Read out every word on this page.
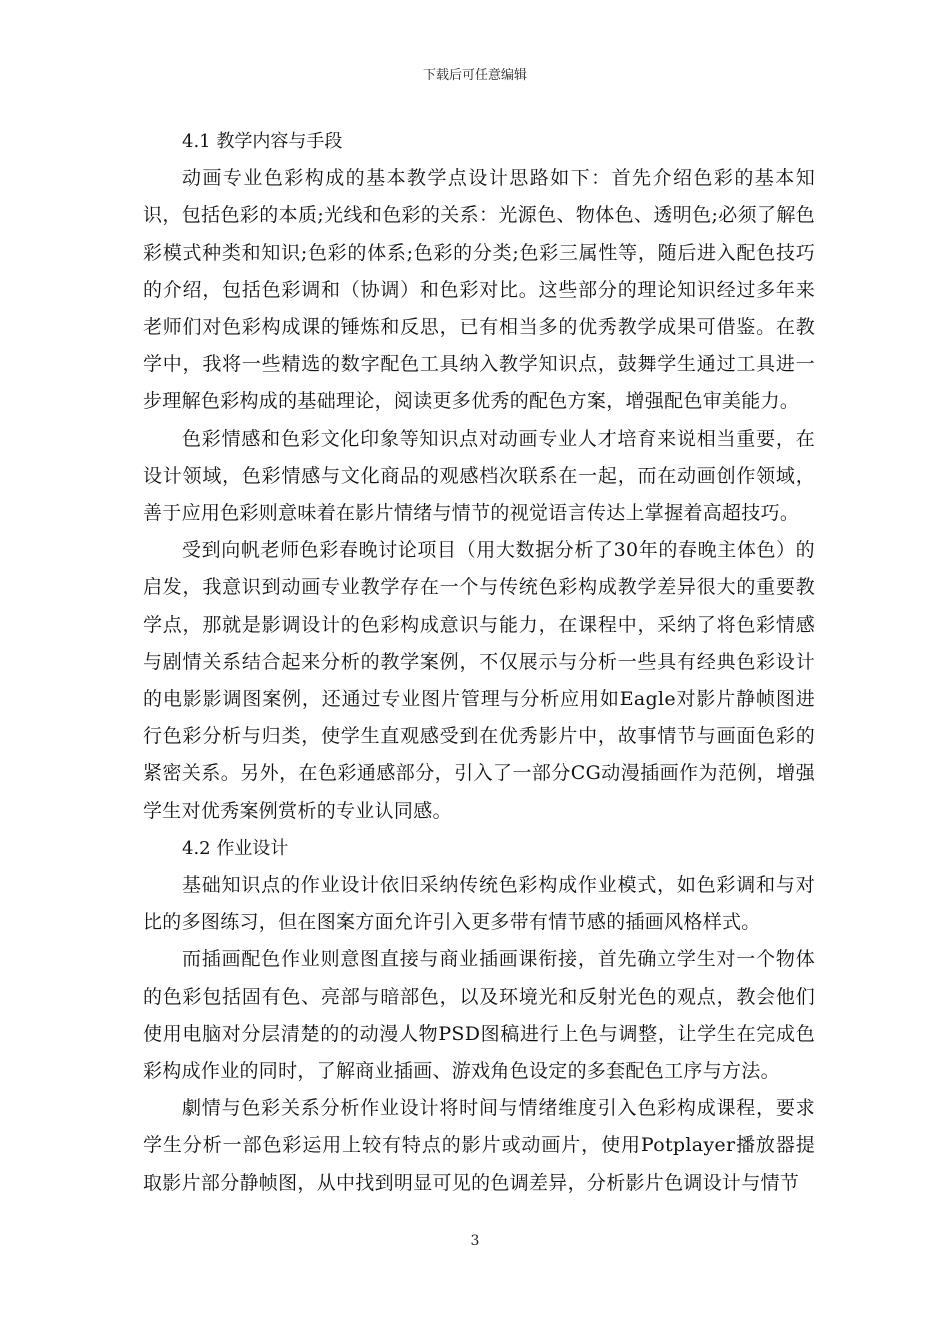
下载后可任意编辑

4.1 教学内容与手段

动画专业色彩构成的基本教学点设计思路如下：首先介绍色彩的基本知识，包括色彩的本质;光线和色彩的关系：光源色、物体色、透明色;必须了解色彩模式种类和知识;色彩的体系;色彩的分类;色彩三属性等，随后进入配色技巧的介绍，包括色彩调和（协调）和色彩对比。这些部分的理论知识经过多年来老师们对色彩构成课的锤炼和反思，已有相当多的优秀教学成果可借鉴。在教学中，我将一些精选的数字配色工具纳入教学知识点，鼓舞学生通过工具进一步理解色彩构成的基础理论，阅读更多优秀的配色方案，增强配色审美能力。

色彩情感和色彩文化印象等知识点对动画专业人才培育来说相当重要，在设计领域，色彩情感与文化商品的观感档次联系在一起，而在动画创作领域，善于应用色彩则意味着在影片情绪与情节的视觉语言传达上掌握着高超技巧。

受到向帆老师色彩春晚讨论项目（用大数据分析了30年的春晚主体色）的启发，我意识到动画专业教学存在一个与传统色彩构成教学差异很大的重要教学点，那就是影调设计的色彩构成意识与能力，在课程中，采纳了将色彩情感与剧情关系结合起来分析的教学案例，不仅展示与分析一些具有经典色彩设计的电影影调图案例，还通过专业图片管理与分析应用如Eagle对影片静帧图进行色彩分析与归类，使学生直观感受到在优秀影片中，故事情节与画面色彩的紧密关系。另外，在色彩通感部分，引入了一部分CG动漫插画作为范例，增强学生对优秀案例赏析的专业认同感。

4.2 作业设计

基础知识点的作业设计依旧采纳传统色彩构成作业模式，如色彩调和与对比的多图练习，但在图案方面允许引入更多带有情节感的插画风格样式。

而插画配色作业则意图直接与商业插画课衔接，首先确立学生对一个物体的色彩包括固有色、亮部与暗部色，以及环境光和反射光色的观点，教会他们使用电脑对分层清楚的的动漫人物PSD图稿进行上色与调整，让学生在完成色彩构成作业的同时，了解商业插画、游戏角色设定的多套配色工序与方法。

劇情与色彩关系分析作业设计将时间与情绪维度引入色彩构成课程，要求学生分析一部色彩运用上较有特点的影片或动画片，使用Potplayer播放器提取影片部分静帧图，从中找到明显可见的色调差异，分析影片色调设计与情节

3
